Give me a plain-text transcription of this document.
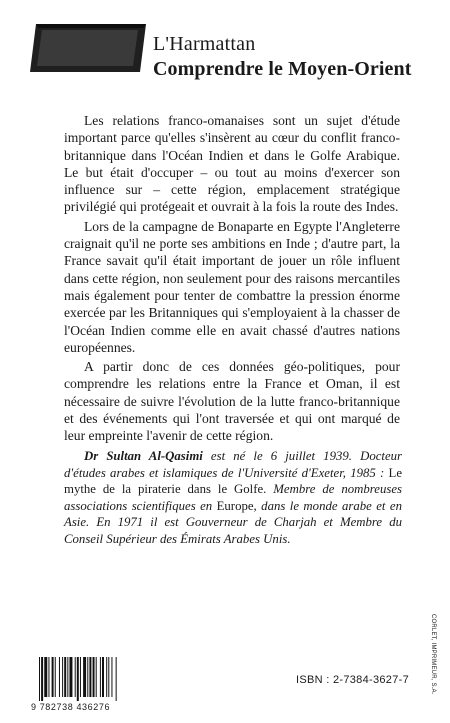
L'Harmattan
Comprendre le Moyen-Orient

Les relations franco-omanaises sont un sujet d'étude important parce qu'elles s'insèrent au cœur du conflit franco-britannique dans l'Océan Indien et dans le Golfe Arabique. Le but était d'occuper – ou tout au moins d'exercer son influence sur – cette région, emplacement stratégique privilégié qui protégeait et ouvrait à la fois la route des Indes.

Lors de la campagne de Bonaparte en Egypte l'Angleterre craignait qu'il ne porte ses ambitions en Inde ; d'autre part, la France savait qu'il était important de jouer un rôle influent dans cette région, non seulement pour des raisons mercantiles mais également pour tenter de combattre la pression énorme exercée par les Britanniques qui s'employaient à la chasser de l'Océan Indien comme elle en avait chassé d'autres nations européennes.

A partir donc de ces données géo-politiques, pour comprendre les relations entre la France et Oman, il est nécessaire de suivre l'évolution de la lutte franco-britannique et des événements qui l'ont traversée et qui ont marqué de leur empreinte l'avenir de cette région.

Dr Sultan Al-Qasimi est né le 6 juillet 1939. Docteur d'études arabes et islamiques de l'Université d'Exeter, 1985 : Le mythe de la piraterie dans le Golfe. Membre de nombreuses associations scientifiques en Europe, dans le monde arabe et en Asie. En 1971 il est Gouverneur de Charjah et Membre du Conseil Supérieur des Émirats Arabes Unis.

CORLET, IMPRIMEUR, S.A.
9 782738 436276
ISBN : 2-7384-3627-7
